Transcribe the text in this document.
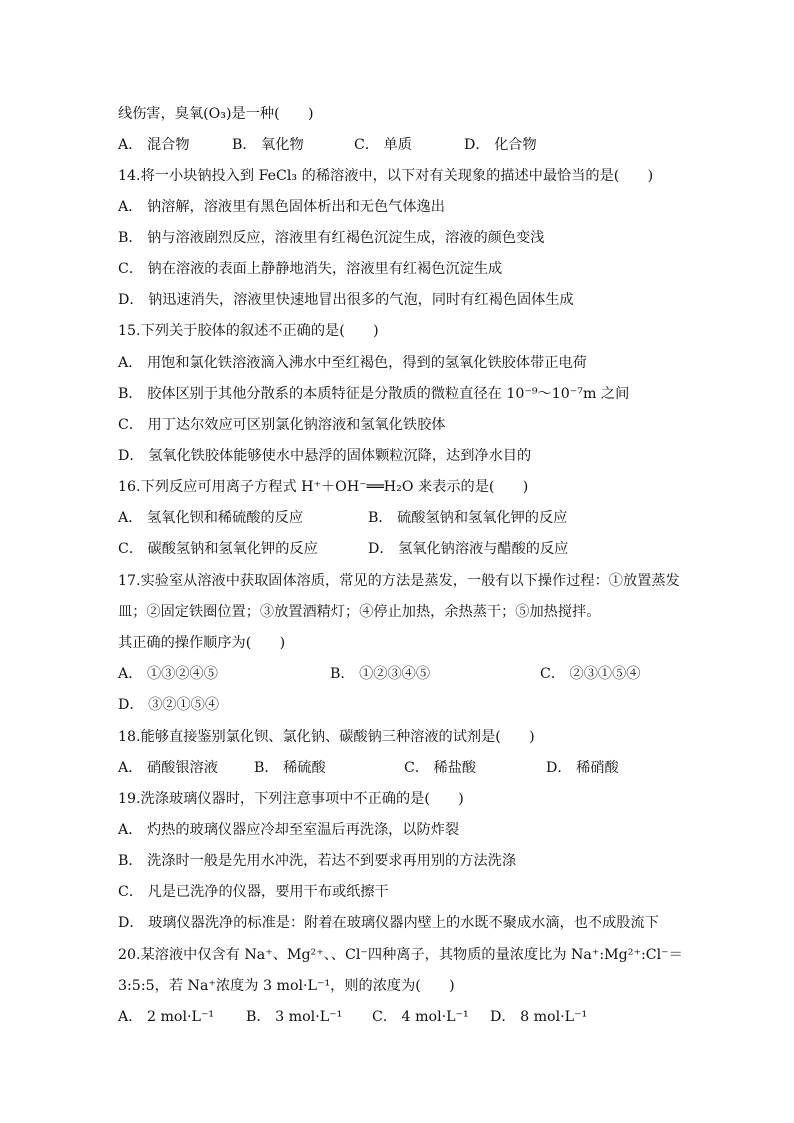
线伤害，臭氧(O₃)是一种(　　)
A． 混合物	B． 氧化物	C． 单质	D． 化合物
14.将一小块钠投入到 FeCl₃ 的稀溶液中，以下对有关现象的描述中最恰当的是(　　)
A． 钠溶解，溶液里有黑色固体析出和无色气体逸出
B． 钠与溶液剧烈反应，溶液里有红褐色沉淀生成，溶液的颜色变浅
C． 钠在溶液的表面上静静地消失，溶液里有红褐色沉淀生成
D． 钠迅速消失，溶液里快速地冒出很多的气泡，同时有红褐色固体生成
15.下列关于胶体的叙述不正确的是(　　)
A． 用饱和氯化铁溶液滴入沸水中至红褐色，得到的氢氧化铁胶体带正电荷
B． 胶体区别于其他分散系的本质特征是分散质的微粒直径在 10⁻⁹～10⁻⁷m 之间
C． 用丁达尔效应可区别氯化钠溶液和氢氧化铁胶体
D． 氢氧化铁胶体能够使水中悬浮的固体颗粒沉降，达到净水目的
16.下列反应可用离子方程式 H⁺＋OH⁻══H₂O 来表示的是(　　)
A． 氢氧化钡和稀硫酸的反应	B． 硫酸氢钠和氢氧化钾的反应
C． 碳酸氢钠和氢氧化钾的反应	D． 氢氧化钠溶液与醋酸的反应
17.实验室从溶液中获取固体溶质，常见的方法是蒸发，一般有以下操作过程：①放置蒸发
皿；②固定铁圈位置；③放置酒精灯；④停止加热，余热蒸干；⑤加热搅拌。
其正确的操作顺序为(　　)
A． ①③②④⑤	B． ①②③④⑤	C． ②③①⑤④
D． ③②①⑤④
18.能够直接鉴别氯化钡、氯化钠、碳酸钠三种溶液的试剂是(　　)
A． 硝酸银溶液	B． 稀硫酸	C． 稀盐酸	D． 稀硝酸
19.洗涤玻璃仪器时，下列注意事项中不正确的是(　　)
A． 灼热的玻璃仪器应冷却至室温后再洗涤，以防炸裂
B． 洗涤时一般是先用水冲洗，若达不到要求再用别的方法洗涤
C． 凡是已洗净的仪器，要用干布或纸擦干
D． 玻璃仪器洗净的标准是：附着在玻璃仪器内壁上的水既不聚成水滴，也不成股流下
20.某溶液中仅含有 Na⁺、Mg²⁺、、Cl⁻四种离子，其物质的量浓度比为 Na⁺:Mg²⁺:Cl⁻＝
3:5:5，若 Na⁺浓度为 3 mol·L⁻¹，则的浓度为(　　)
A． 2 mol·L⁻¹ B． 3 mol·L⁻¹ C． 4 mol·L⁻¹ D． 8 mol·L⁻¹
